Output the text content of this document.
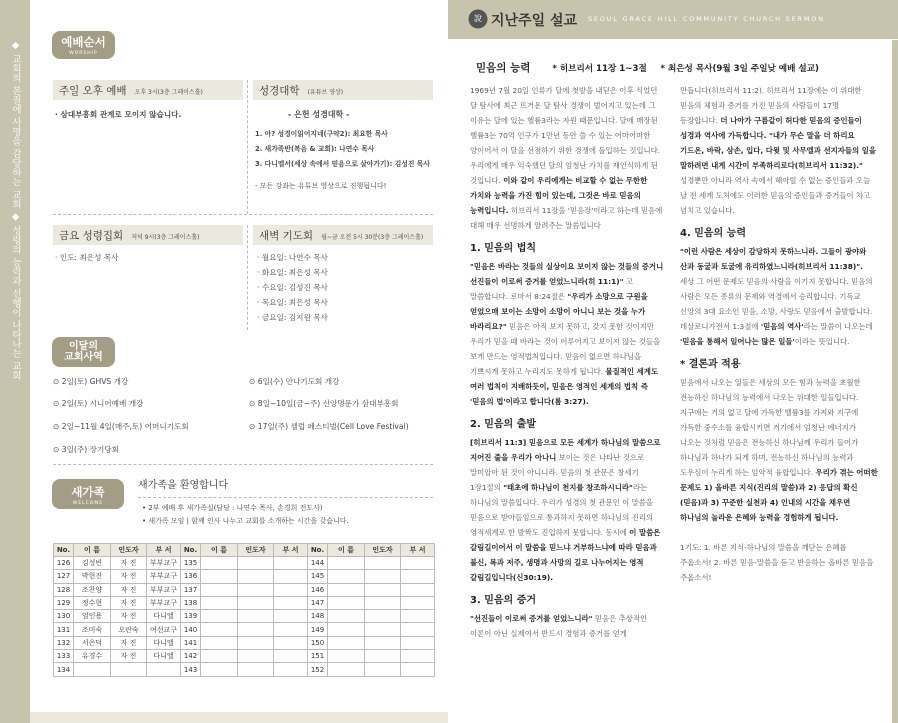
SEOUL GRACE HILL COMMUNITY CHURCH
◆ 교회의 본질에 사명을 감당하는 교회 ◆ 성령의 능력과 선행이 나타나는 교회	예배순서
WORSHIP
주일 오후 예배 오후 3시(3층 그레이스홀)
· 삼대부흥회 관계로 모이지 않습니다.
성경대학 (유튜브 영상)
- 은헌 성경대학 -
1. 아? 성경이읽어지네(구약2): 최요한 목사
2. 새가족반(복음 & 교회): 나연수 목사
3. 다니엘서(세상 속에서 믿음으로 살아가기): 김성진 목사
- 모든 강좌는 유튜브 영상으로 진행됩니다!
금요 성령집회 저녁 9시(3층 그레이스홀)
· 인도: 최은성 목사
새벽 기도회 월~금 오전 5시 30분(3층 그레이스홀)
· 월요일: 나연수 목사
· 화요일: 최은성 목사
· 수요일: 김성진 목사
· 목요일: 최은성 목사
· 금요일: 김지원 목사
이달의
교회사역
⊙ 2일(토) GHVS 개강
⊙ 2일(토) 시니어예배 개강
⊙ 2일~11월 4일(매주,토) 어머니기도회
⊙ 3일(주) 장기당회
⊙ 6일(수) 안나기도회 개강
⊙ 8일~10일(금~주) 신앙명문가 삼대부흥회
⊙ 17일(주) 셀럽 페스티벌(Cell Love Festival)
새가족
WELCOME
새가족을 환영합니다
• 2부 예배 후 새가족실(담당 : 나연수 목사, 손경희 전도사)
• 새가족 모임 | 함께 인사 나누고 교회를 소개하는 시간을 갖습니다.
No.	이 름	인도자	부 서	No.	이 름	인도자	부 서	No.	이 름	인도자	부 서
126	김성빈	자 진	부부교구	135				144			
127	박현진	자 진	부부교구	136				145			
128	조찬양	자 진	부부교구	137				146			
129	정수현	자 진	부부교구	138				147			
130	엄인용	자 진	다니엘	139				148			
131	조미숙	오란숙	여선교구	140				149			
132	서은덕	자 진	다니엘	141				150			
133	유경수	자 진	다니엘	142				151			
134				143				152			
說 지난주일 설교 SEOUL GRACE HILL COMMUNITY CHURCH SERMON
믿음의 능력	* 히브리서 11장 1~3절 * 최은성 목사(9월 3일 주일낮 예배 설교)
1969년 7월 20일 인류가 달에 첫발을 내딛은 이후 식었던 달 탐사에 최근 뜨거운 달 탐사 경쟁이 벌어지고 있는데 그 이유는 달에 있는 헬륨3라는 자원 때문입니다. 달에 매장된 헬륨3는 70억 인구가 1만년 동안 쓸 수 있는 어마어마한 양이어서 이 달을 선점하기 위한 경쟁에 돌입하는 것입니다. 우리에게 매우 익숙했던 달의 엄청난 가치를 재인식하게 된 것입니다. 이와 같이 우리에게는 비교할 수 없는 무한한 가치와 능력을 가진 힘이 있는데, 그것은 바로 믿음의 능력입니다. 히브리서 11장을 '믿음장'이라고 하는데 믿음에 대해 매우 선명하게 알려주는 말씀입니다

1. 믿음의 법칙
"믿음은 바라는 것들의 실상이요 보이지 않는 것들의 증거니 선진들이 이로써 증거를 얻었느니라(히 11:1)" 고 말씀합니다. 로마서 8:24절은 "우리가 소망으로 구원을 얻었으매 보이는 소망이 소망이 아니니 보는 것을 누가 바라리요?" 믿음은 아직 보지 못하고, 갖지 못한 것이지만 우리가 믿을 때 바라는 것이 이루어지고 보이지 않는 것들을 보게 만드는 영적법칙입니다. 믿음이 없으면 하나님을 기쁘시게 못하고 누리지도 못하게 됩니다. 물질적인 세계도 여러 법칙이 지배하듯이, 믿음은 영적인 세계의 법칙 즉 '믿음의 법'이라고 합니다(롬 3:27).

2. 믿음의 출발
[히브리서 11:3] 믿음으로 모든 세계가 하나님의 말씀으로 지어진 줄을 우리가 아나니 보이는 것은 나타난 것으로 말미암아 된 것이 아니니라. 믿음의 첫 관문은 창세기 1장1절의 "태초에 하나님이 천지를 창조하시니라"라는 하나님의 말씀입니다. 우리가 성경의 첫 관문인 이 말씀을 믿음으로 받아들임으로 통과하지 못하면 하나님의 진리의 영적세계로 한 발짝도 진입하지 못합니다. 동시에 이 말씀은 갈림길이어서 이 말씀을 믿느냐 거부하느냐에 따라 믿음과 불신, 복과 저주, 생명과 사망의 길로 나누어지는 영적 갈림길입니다(신30:19).

3. 믿음의 증거
"선진들이 이로써 증거를 얻었느니라" 믿음은 추상적인 이론이 아닌 실제여서 반드시 경험과 증거를 얻게
만듭니다(히브리서 11:2). 히브리서 11장에는 이 위대한 믿음의 체험과 증거를 가진 믿음의 사람들이 17명 등장합니다. 더 나아가 구름같이 허다한 믿음의 증인들이 성경과 역사에 가득합니다. "내가 무슨 말을 더 하리요 기드온, 바락, 삼손, 입다, 다윗 및 사무엘과 선지자들의 일을 말하려면 내게 시간이 부족하리로다(히브리서 11:32)." 성경뿐만 아니라 역사 속에서 헤아릴 수 없는 증인들과 오늘 날 전 세계 도처에도 이러한 믿음의 증인들과 증거들이 차고 넘치고 있습니다.

4. 믿음의 능력
"이런 사람은 세상이 감당하지 못하느니라. 그들이 광야와 산과 동굴과 토굴에 유리하였느니라(히브리서 11:38)". 세상 그 어떤 문제도 믿음의 사람을 이기지 못합니다. 믿음의 사람은 모든 종류의 문제와 역경에서 승리합니다. 기독교 신앙의 3대 요소인 믿음, 소망, 사랑도 믿음에서 출발합니다. 데살로니가전서 1:3절에 '믿음의 역사'라는 말씀이 나오는데 '믿음을 통해서 일어나는 많은 일들'이라는 뜻입니다.

* 결론과 적용
믿음에서 나오는 일들은 세상의 모든 힘과 능력을 초월한 전능하신 하나님의 능력에서 나오는 위대한 일들입니다. 지구에는 거의 없고 달에 가득한 헬륨3를 가져와 지구에 가득한 중수소를 융합시키면 거기에서 엄청난 에너지가 나오는 것처럼 믿음은 전능하신 하나님께 우리가 들어가 하나님과 하나가 되게 하며, 전능하신 하나님의 능력과 도우심이 누리게 하는 엄약적 융합입니다. 우리가 겪는 어떠한 문제도 1) 올바른 지식(진리의 말씀)과 2) 응답의 확신(믿음)과 3) 꾸준한 실천과 4) 인내의 시간을 채우면 하나님의 놀라운 은혜와 능력을 경험하게 됩니다.

1기도: 1. 바른 지식-하나님의 말씀을 깨닫는 은혜를 주옵소서! 2. 바른 믿음-말씀을 듣고 반응하는 올바른 믿음을 주옵소서!
